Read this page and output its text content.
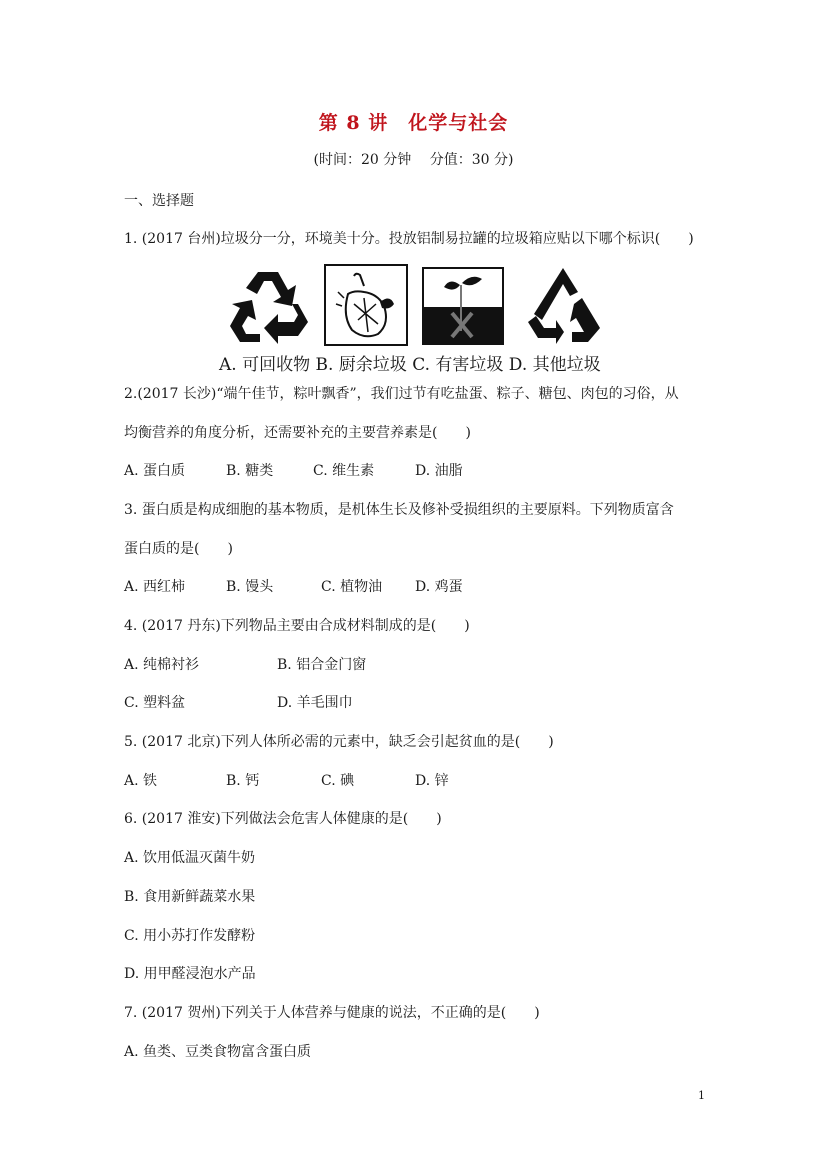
第 8 讲　化学与社会
(时间：20 分钟　 分值：30 分)
一、选择题
1. (2017 台州)垃圾分一分，环境美十分。投放铝制易拉罐的垃圾箱应贴以下哪个标识(　　)
A. 可回收物 B. 厨余垃圾 C. 有害垃圾 D. 其他垃圾
2.(2017 长沙)“端午佳节，粽叶飘香”，我们过节有吃盐蛋、粽子、糖包、肉包的习俗，从
均衡营养的角度分析，还需要补充的主要营养素是(　　)
A. 蛋白质	B. 糖类	C. 维生素	D. 油脂
3. 蛋白质是构成细胞的基本物质，是机体生长及修补受损组织的主要原料。下列物质富含
蛋白质的是(　　)
A. 西红柿	B. 馒头	C. 植物油 D. 鸡蛋
4. (2017 丹东)下列物品主要由合成材料制成的是(　　)
A. 纯棉衬衫	B. 铝合金门窗
C. 塑料盆	D. 羊毛围巾
5. (2017 北京)下列人体所必需的元素中，缺乏会引起贫血的是(　　)
A. 铁	B. 钙	C. 碘	D. 锌
6. (2017 淮安)下列做法会危害人体健康的是(　　)
A. 饮用低温灭菌牛奶
B. 食用新鲜蔬菜水果
C. 用小苏打作发酵粉
D. 用甲醛浸泡水产品
7. (2017 贺州)下列关于人体营养与健康的说法，不正确的是(　　)
A. 鱼类、豆类食物富含蛋白质
1
